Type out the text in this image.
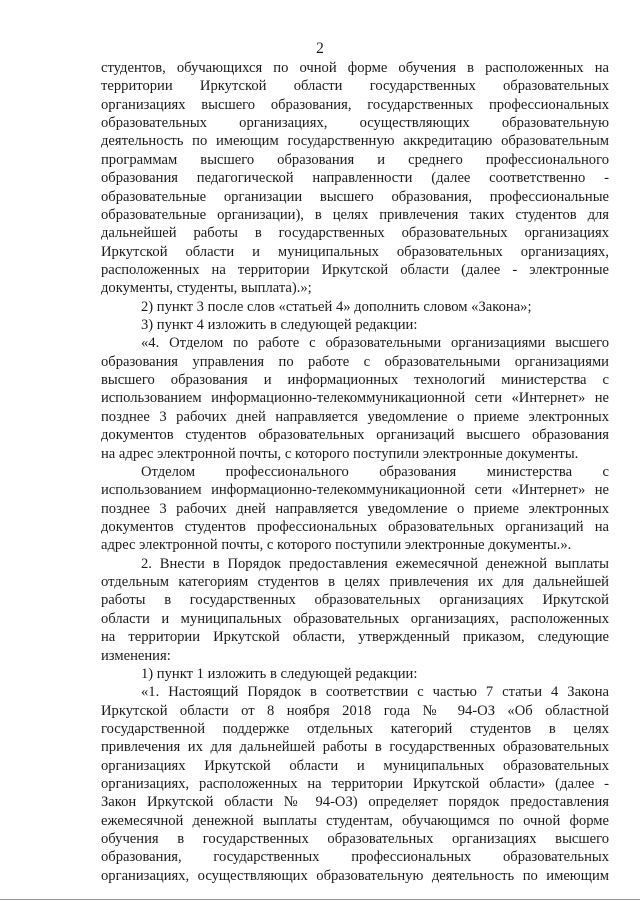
2
студентов, обучающихся по очной форме обучения в расположенных на
территории Иркутской области государственных образовательных
организациях высшего образования, государственных профессиональных
образовательных организациях, осуществляющих образовательную
деятельность по имеющим государственную аккредитацию образовательным
программам высшего образования и среднего профессионального
образования педагогической направленности (далее соответственно -
образовательные организации высшего образования, профессиональные
образовательные организации), в целях привлечения таких студентов для
дальнейшей работы в государственных образовательных организациях
Иркутской области и муниципальных образовательных организациях,
расположенных на территории Иркутской области (далее - электронные
документы, студенты, выплата).»;
2) пункт 3 после слов «статьей 4» дополнить словом «Закона»;
3) пункт 4 изложить в следующей редакции:
«4. Отделом по работе с образовательными организациями высшего
образования управления по работе с образовательными организациями
высшего образования и информационных технологий министерства с
использованием информационно-телекоммуникационной сети «Интернет» не
позднее 3 рабочих дней направляется уведомление о приеме электронных
документов студентов образовательных организаций высшего образования
на адрес электронной почты, с которого поступили электронные документы.
Отделом профессионального образования министерства с
использованием информационно-телекоммуникационной сети «Интернет» не
позднее 3 рабочих дней направляется уведомление о приеме электронных
документов студентов профессиональных образовательных организаций на
адрес электронной почты, с которого поступили электронные документы.».
2. Внести в Порядок предоставления ежемесячной денежной выплаты
отдельным категориям студентов в целях привлечения их для дальнейшей
работы в государственных образовательных организациях Иркутской
области и муниципальных образовательных организациях, расположенных
на территории Иркутской области, утвержденный приказом, следующие
изменения:
1) пункт 1 изложить в следующей редакции:
«1. Настоящий Порядок в соответствии с частью 7 статьи 4 Закона
Иркутской области от 8 ноября 2018 года № 94-ОЗ «Об областной
государственной поддержке отдельных категорий студентов в целях
привлечения их для дальнейшей работы в государственных образовательных
организациях Иркутской области и муниципальных образовательных
организациях, расположенных на территории Иркутской области» (далее -
Закон Иркутской области № 94-ОЗ) определяет порядок предоставления
ежемесячной денежной выплаты студентам, обучающимся по очной форме
обучения в государственных образовательных организациях высшего
образования, государственных профессиональных образовательных
организациях, осуществляющих образовательную деятельность по имеющим
